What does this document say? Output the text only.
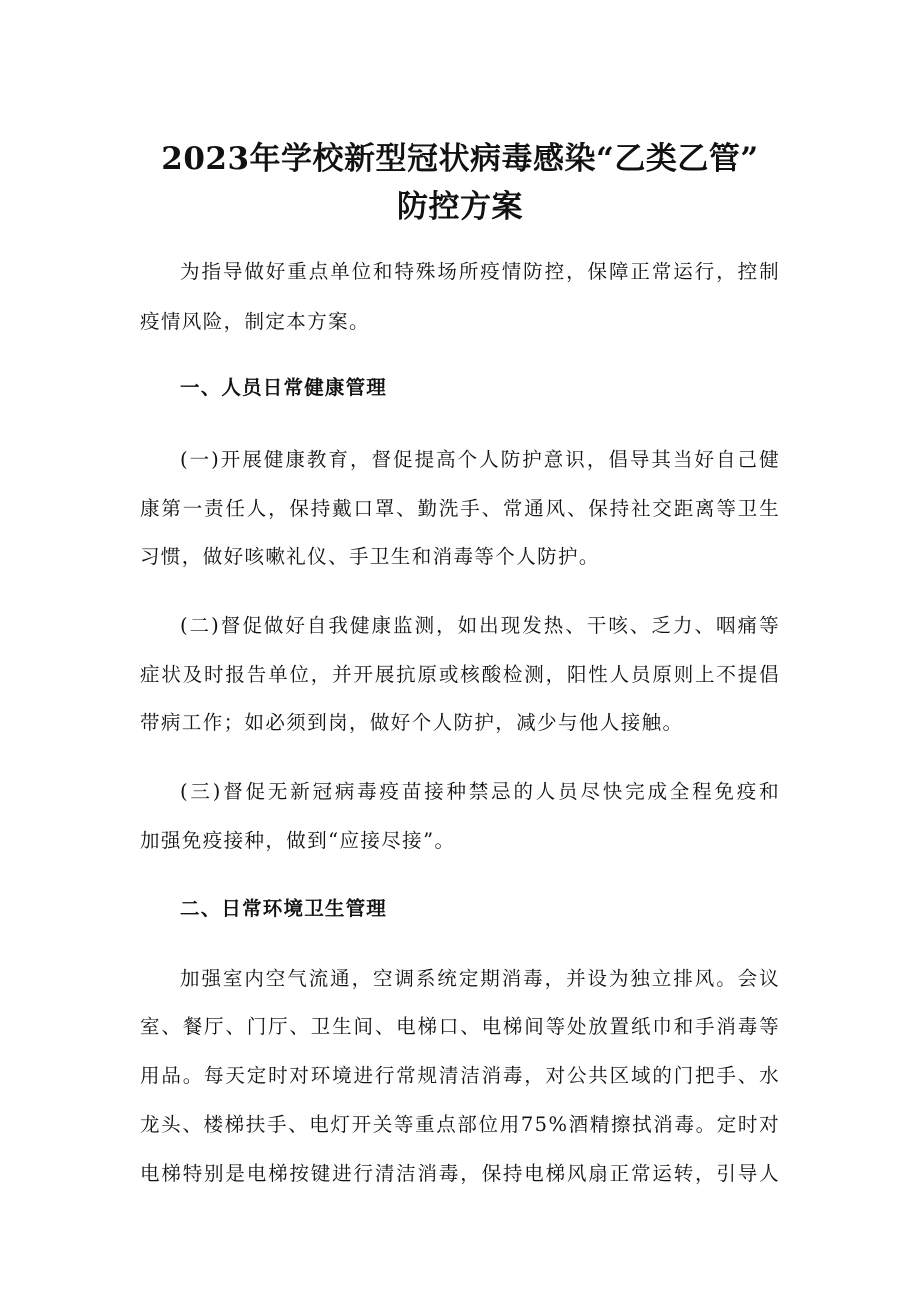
2023年学校新型冠状病毒感染“乙类乙管”
防控方案
为指导做好重点单位和特殊场所疫情防控，保障正常运行，控制
疫情风险，制定本方案。
一、人员日常健康管理
(一)开展健康教育，督促提高个人防护意识，倡导其当好自己健
康第一责任人，保持戴口罩、勤洗手、常通风、保持社交距离等卫生
习惯，做好咳嗽礼仪、手卫生和消毒等个人防护。
(二)督促做好自我健康监测，如出现发热、干咳、乏力、咽痛等
症状及时报告单位，并开展抗原或核酸检测，阳性人员原则上不提倡
带病工作；如必须到岗，做好个人防护，减少与他人接触。
(三)督促无新冠病毒疫苗接种禁忌的人员尽快完成全程免疫和
加强免疫接种，做到“应接尽接”。
二、日常环境卫生管理
加强室内空气流通，空调系统定期消毒，并设为独立排风。会议
室、餐厅、门厅、卫生间、电梯口、电梯间等处放置纸巾和手消毒等
用品。每天定时对环境进行常规清洁消毒，对公共区域的门把手、水
龙头、楼梯扶手、电灯开关等重点部位用75%酒精擦拭消毒。定时对
电梯特别是电梯按键进行清洁消毒，保持电梯风扇正常运转，引导人
